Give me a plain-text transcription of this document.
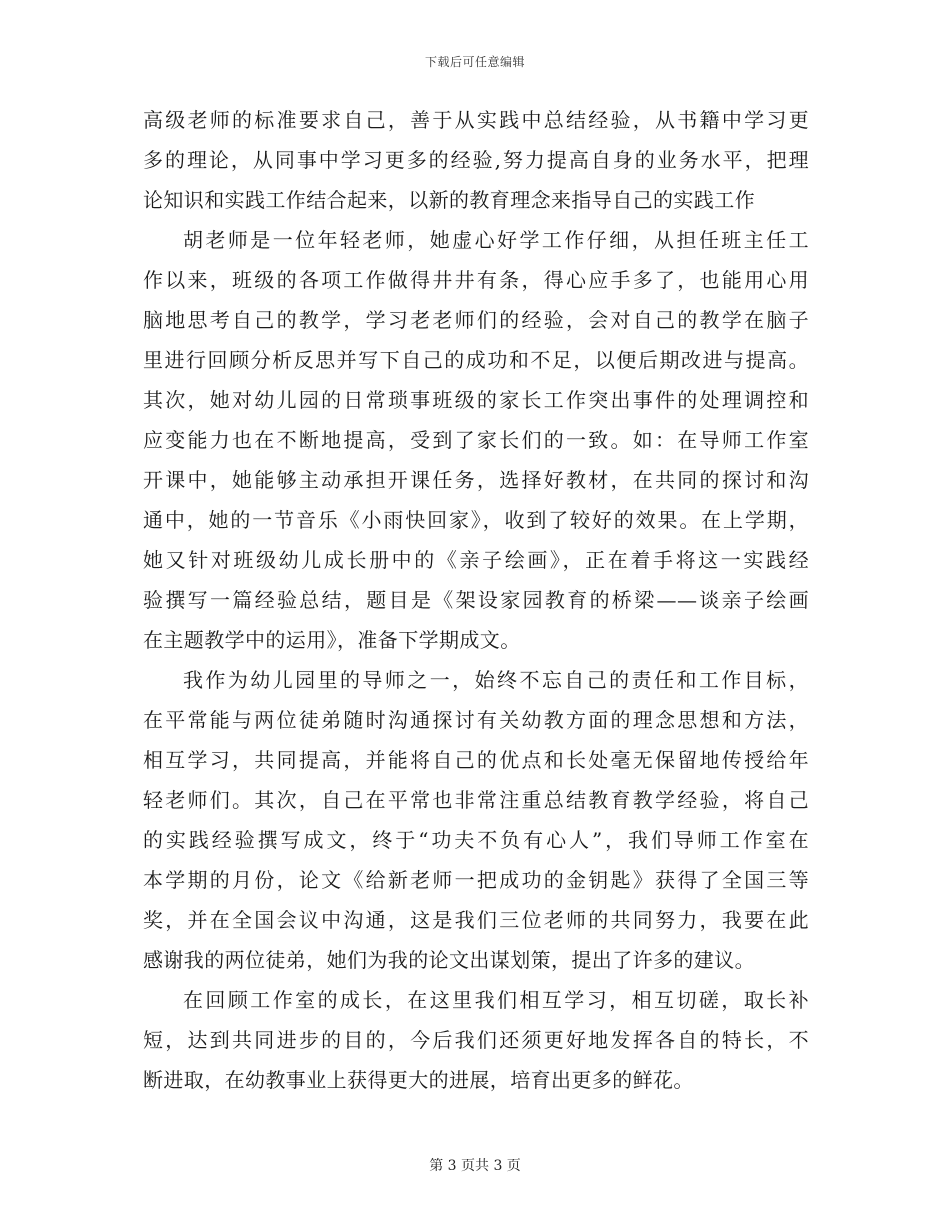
下载后可任意编辑
高级老师的标准要求自己，善于从实践中总结经验，从书籍中学习更
多的理论，从同事中学习更多的经验,努力提高自身的业务水平，把理
论知识和实践工作结合起来，以新的教育理念来指导自己的实践工作
胡老师是一位年轻老师，她虚心好学工作仔细，从担任班主任工
作以来，班级的各项工作做得井井有条，得心应手多了，也能用心用
脑地思考自己的教学，学习老老师们的经验，会对自己的教学在脑子
里进行回顾分析反思并写下自己的成功和不足，以便后期改进与提高。
其次，她对幼儿园的日常琐事班级的家长工作突出事件的处理调控和
应变能力也在不断地提高，受到了家长们的一致。如：在导师工作室
开课中，她能够主动承担开课任务，选择好教材，在共同的探讨和沟
通中，她的一节音乐《小雨快回家》，收到了较好的效果。在上学期，
她又针对班级幼儿成长册中的《亲子绘画》，正在着手将这一实践经
验撰写一篇经验总结，题目是《架设家园教育的桥梁——谈亲子绘画
在主题教学中的运用》，准备下学期成文。
我作为幼儿园里的导师之一，始终不忘自己的责任和工作目标，
在平常能与两位徒弟随时沟通探讨有关幼教方面的理念思想和方法，
相互学习，共同提高，并能将自己的优点和长处毫无保留地传授给年
轻老师们。其次，自己在平常也非常注重总结教育教学经验，将自己
的实践经验撰写成文，终于“功夫不负有心人”，我们导师工作室在
本学期的月份，论文《给新老师一把成功的金钥匙》获得了全国三等
奖，并在全国会议中沟通，这是我们三位老师的共同努力，我要在此
感谢我的两位徒弟，她们为我的论文出谋划策，提出了许多的建议。
在回顾工作室的成长，在这里我们相互学习，相互切磋，取长补
短，达到共同进步的目的，今后我们还须更好地发挥各自的特长，不
断进取，在幼教事业上获得更大的进展，培育出更多的鲜花。
第 3 页共 3 页
